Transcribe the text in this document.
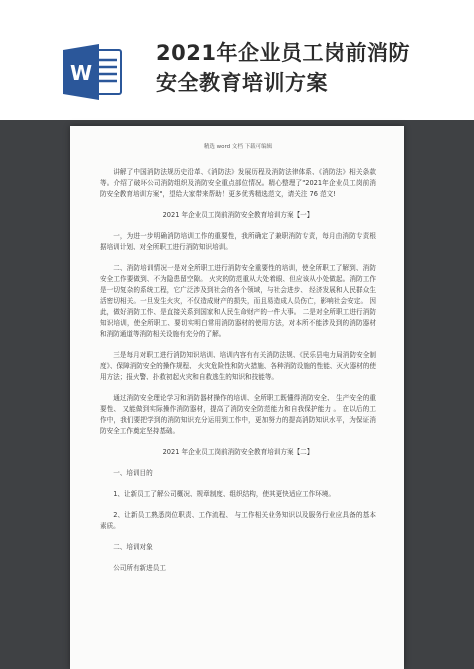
W
2021年企业员工岗前消防
安全教育培训方案
精选 word 文档 下载可编辑

讲解了中国消防法规历史沿革、《消防法》发展历程及消防法律体系、《消防法》相关条款等。介绍了破坏公司消防组织及消防安全重点部位情况。精心整理了"2021年企业员工岗前消防安全教育培训方案"，望给大家带来帮助！更多优秀精选范文，请关注 76 范文!

2021 年企业员工岗前消防安全教育培训方案【一】

一，为进一步明确消防培训工作的重要性，我所确定了兼职消防专责，每月由消防专责根据培训计划、对全所职工进行消防知识培训。

二、消防培训情况一是对全所职工进行消防安全重要性的培训，使全所职工了解到、消防安全工作要做到、不为隐患留空隙。 火灾的防范重从大处着眼、但应该从小处做起。消防工作是一切复杂的系统工程，它广泛涉及到社会的各个领域，与社会进步、 经济发展和人民群众生活密切相关。一旦发生火灾，不仅造成财产的损失，而且易造成人员伤亡，影响社会安定。 因此，做好消防工作、是直接关系到国家和人民生命财产的一件大事。 二是对全所职工进行消防知识培训，使全所职工、要切实明白常用消防器材的使用方法，对本所不能涉及到的消防器材和消防通道等消防相关设施有充分的了解。

三是每月对职工进行消防知识培训、培训内容有有关消防法规、《民乐县电力局消防安全制度》、保障消防安全的操作规程、 火灾危险性和防火措施、各种消防设施的性能、灭火器材的使用方法；报火警、扑救初起火灾和自救逃生的知识和技能等。

通过消防安全理论学习和消防器材操作的培训、全所职工既懂得消防安全、 生产安全的重要性、 又能做到实际操作消防器材，提高了消防安全防范能力和自我保护能力 。 在以后的工作中，我们要把学到的消防知识充分运用到工作中，更加努力的提高消防知识水平，为保证消防安全工作奠定坚持基础。

2021 年企业员工岗前消防安全教育培训方案【二】

一、培训目的

1、让新员工了解公司概况、规章制度、组织结构，使其更快适应工作环境。

2、让新员工熟悉岗位职责、工作流程、 与工作相关业务知识以及服务行业应具备的基本素质。

二、培训对象

公司所有新进员工
